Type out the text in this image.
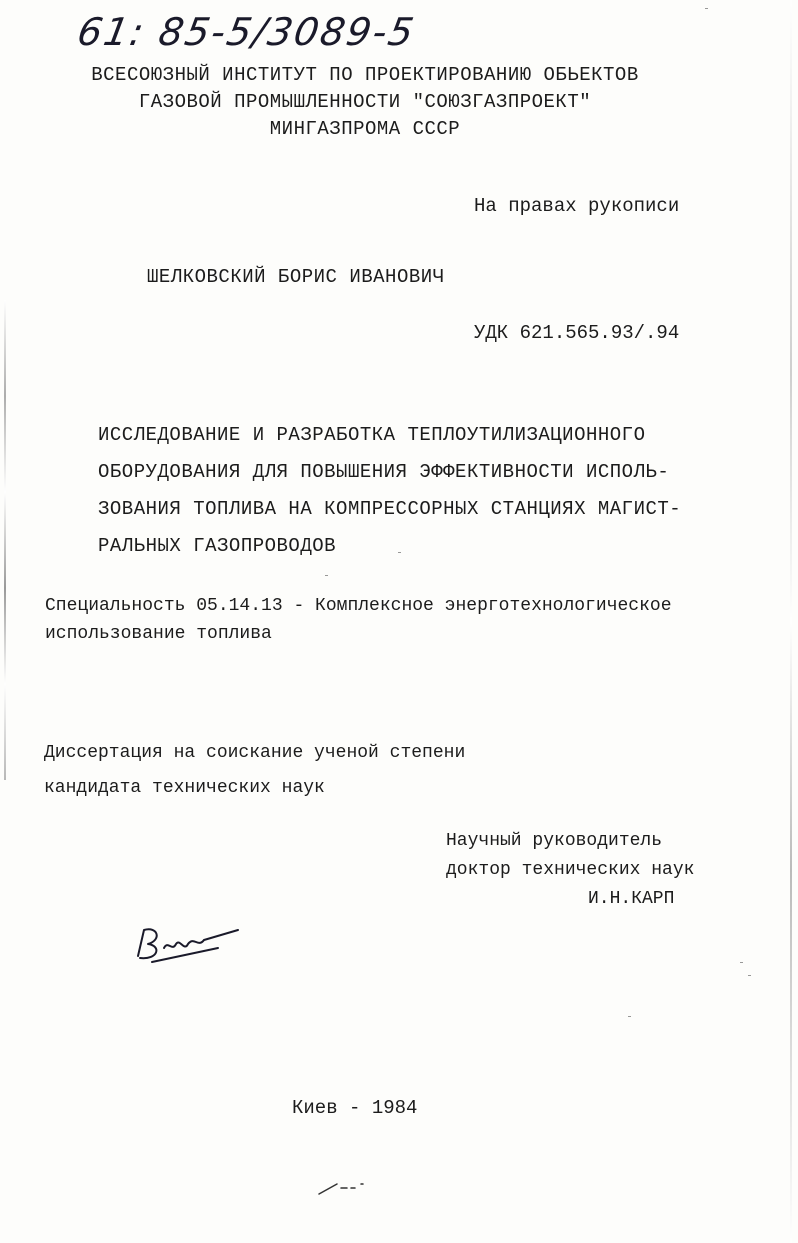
61: 85-5/3089-5
ВСЕСОЮЗНЫЙ ИНСТИТУТ ПО ПРОЕКТИРОВАНИЮ ОБЬЕКТОВ
ГАЗОВОЙ ПРОМЫШЛЕННОСТИ "СОЮЗГАЗПРОЕКТ"
МИНГАЗПРОМА СССР
На правах рукописи
ШЕЛКОВСКИЙ БОРИС ИВАНОВИЧ
УДК 621.565.93/.94
ИССЛЕДОВАНИЕ И РАЗРАБОТКА ТЕПЛОУТИЛИЗАЦИОННОГО
ОБОРУДОВАНИЯ ДЛЯ ПОВЫШЕНИЯ ЭФФЕКТИВНОСТИ ИСПОЛЬ-
ЗОВАНИЯ ТОПЛИВА НА КОМПРЕССОРНЫХ СТАНЦИЯХ МАГИСТ-
РАЛЬНЫХ ГАЗОПРОВОДОВ
Специальность 05.14.13 - Комплексное энерготехнологическое
использование топлива
Диссертация на соискание ученой степени
кандидата технических наук
Научный руководитель
доктор технических наук
И.Н.КАРП
Киев - 1984
